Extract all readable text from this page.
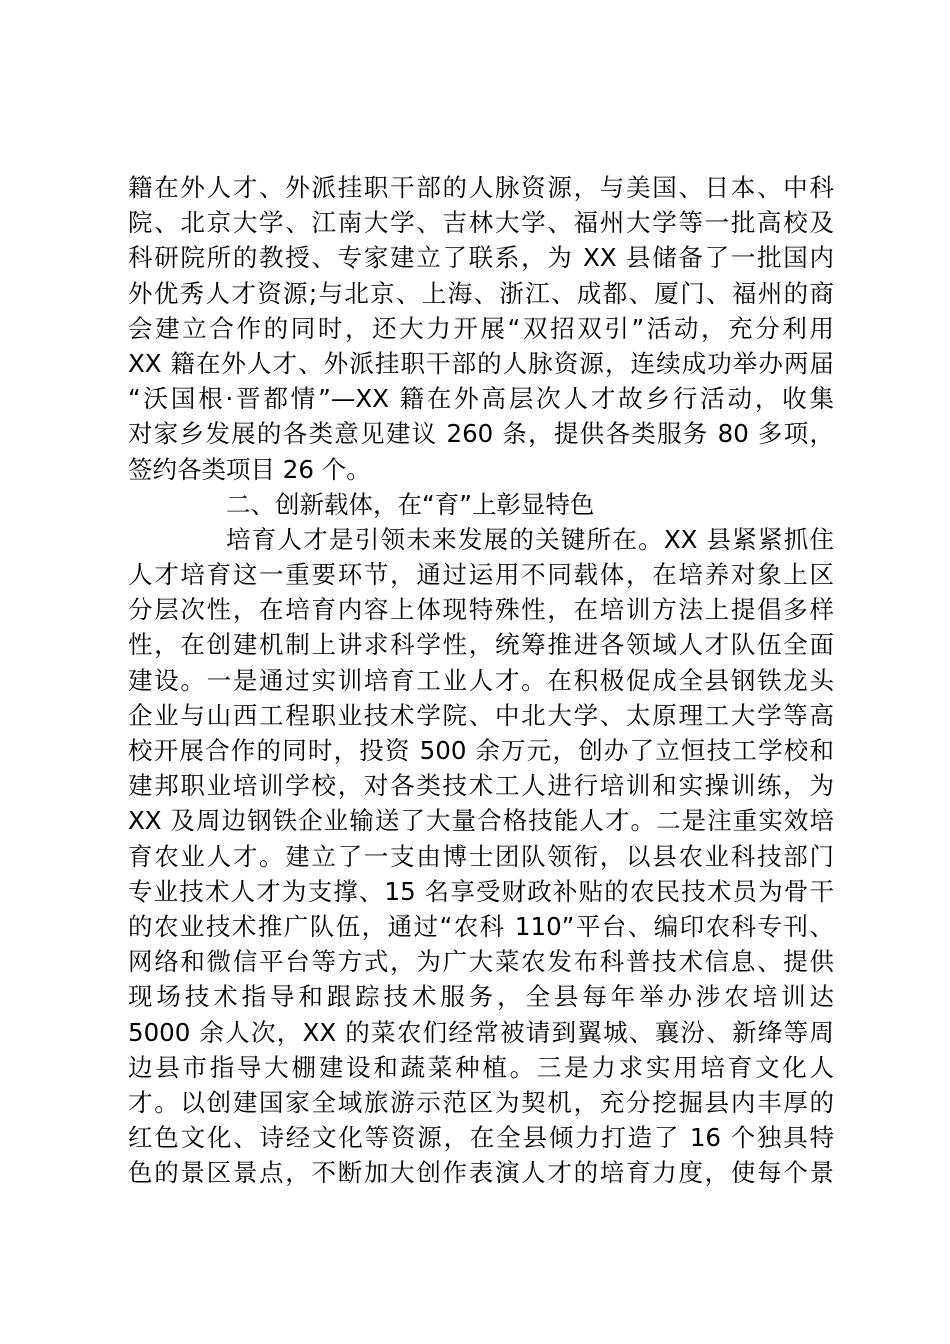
籍在外人才、外派挂职干部的人脉资源，与美国、日本、中科
院、北京大学、江南大学、吉林大学、福州大学等一批高校及
科研院所的教授、专家建立了联系，为 XX 县储备了一批国内
外优秀人才资源;与北京、上海、浙江、成都、厦门、福州的商
会建立合作的同时，还大力开展“双招双引”活动，充分利用
XX 籍在外人才、外派挂职干部的人脉资源，连续成功举办两届
“沃国根·晋都情”—XX 籍在外高层次人才故乡行活动，收集
对家乡发展的各类意见建议 260 条，提供各类服务 80 多项，
签约各类项目 26 个。
二、创新载体，在“育”上彰显特色
培育人才是引领未来发展的关键所在。XX 县紧紧抓住
人才培育这一重要环节，通过运用不同载体，在培养对象上区
分层次性，在培育内容上体现特殊性，在培训方法上提倡多样
性，在创建机制上讲求科学性，统筹推进各领域人才队伍全面
建设。一是通过实训培育工业人才。在积极促成全县钢铁龙头
企业与山西工程职业技术学院、中北大学、太原理工大学等高
校开展合作的同时，投资 500 余万元，创办了立恒技工学校和
建邦职业培训学校，对各类技术工人进行培训和实操训练，为
XX 及周边钢铁企业输送了大量合格技能人才。二是注重实效培
育农业人才。建立了一支由博士团队领衔，以县农业科技部门
专业技术人才为支撑、15 名享受财政补贴的农民技术员为骨干
的农业技术推广队伍，通过“农科 110”平台、编印农科专刊、
网络和微信平台等方式，为广大菜农发布科普技术信息、提供
现场技术指导和跟踪技术服务，全县每年举办涉农培训达
5000 余人次，XX 的菜农们经常被请到翼城、襄汾、新绛等周
边县市指导大棚建设和蔬菜种植。三是力求实用培育文化人
才。以创建国家全域旅游示范区为契机，充分挖掘县内丰厚的
红色文化、诗经文化等资源，在全县倾力打造了 16 个独具特
色的景区景点，不断加大创作表演人才的培育力度，使每个景
